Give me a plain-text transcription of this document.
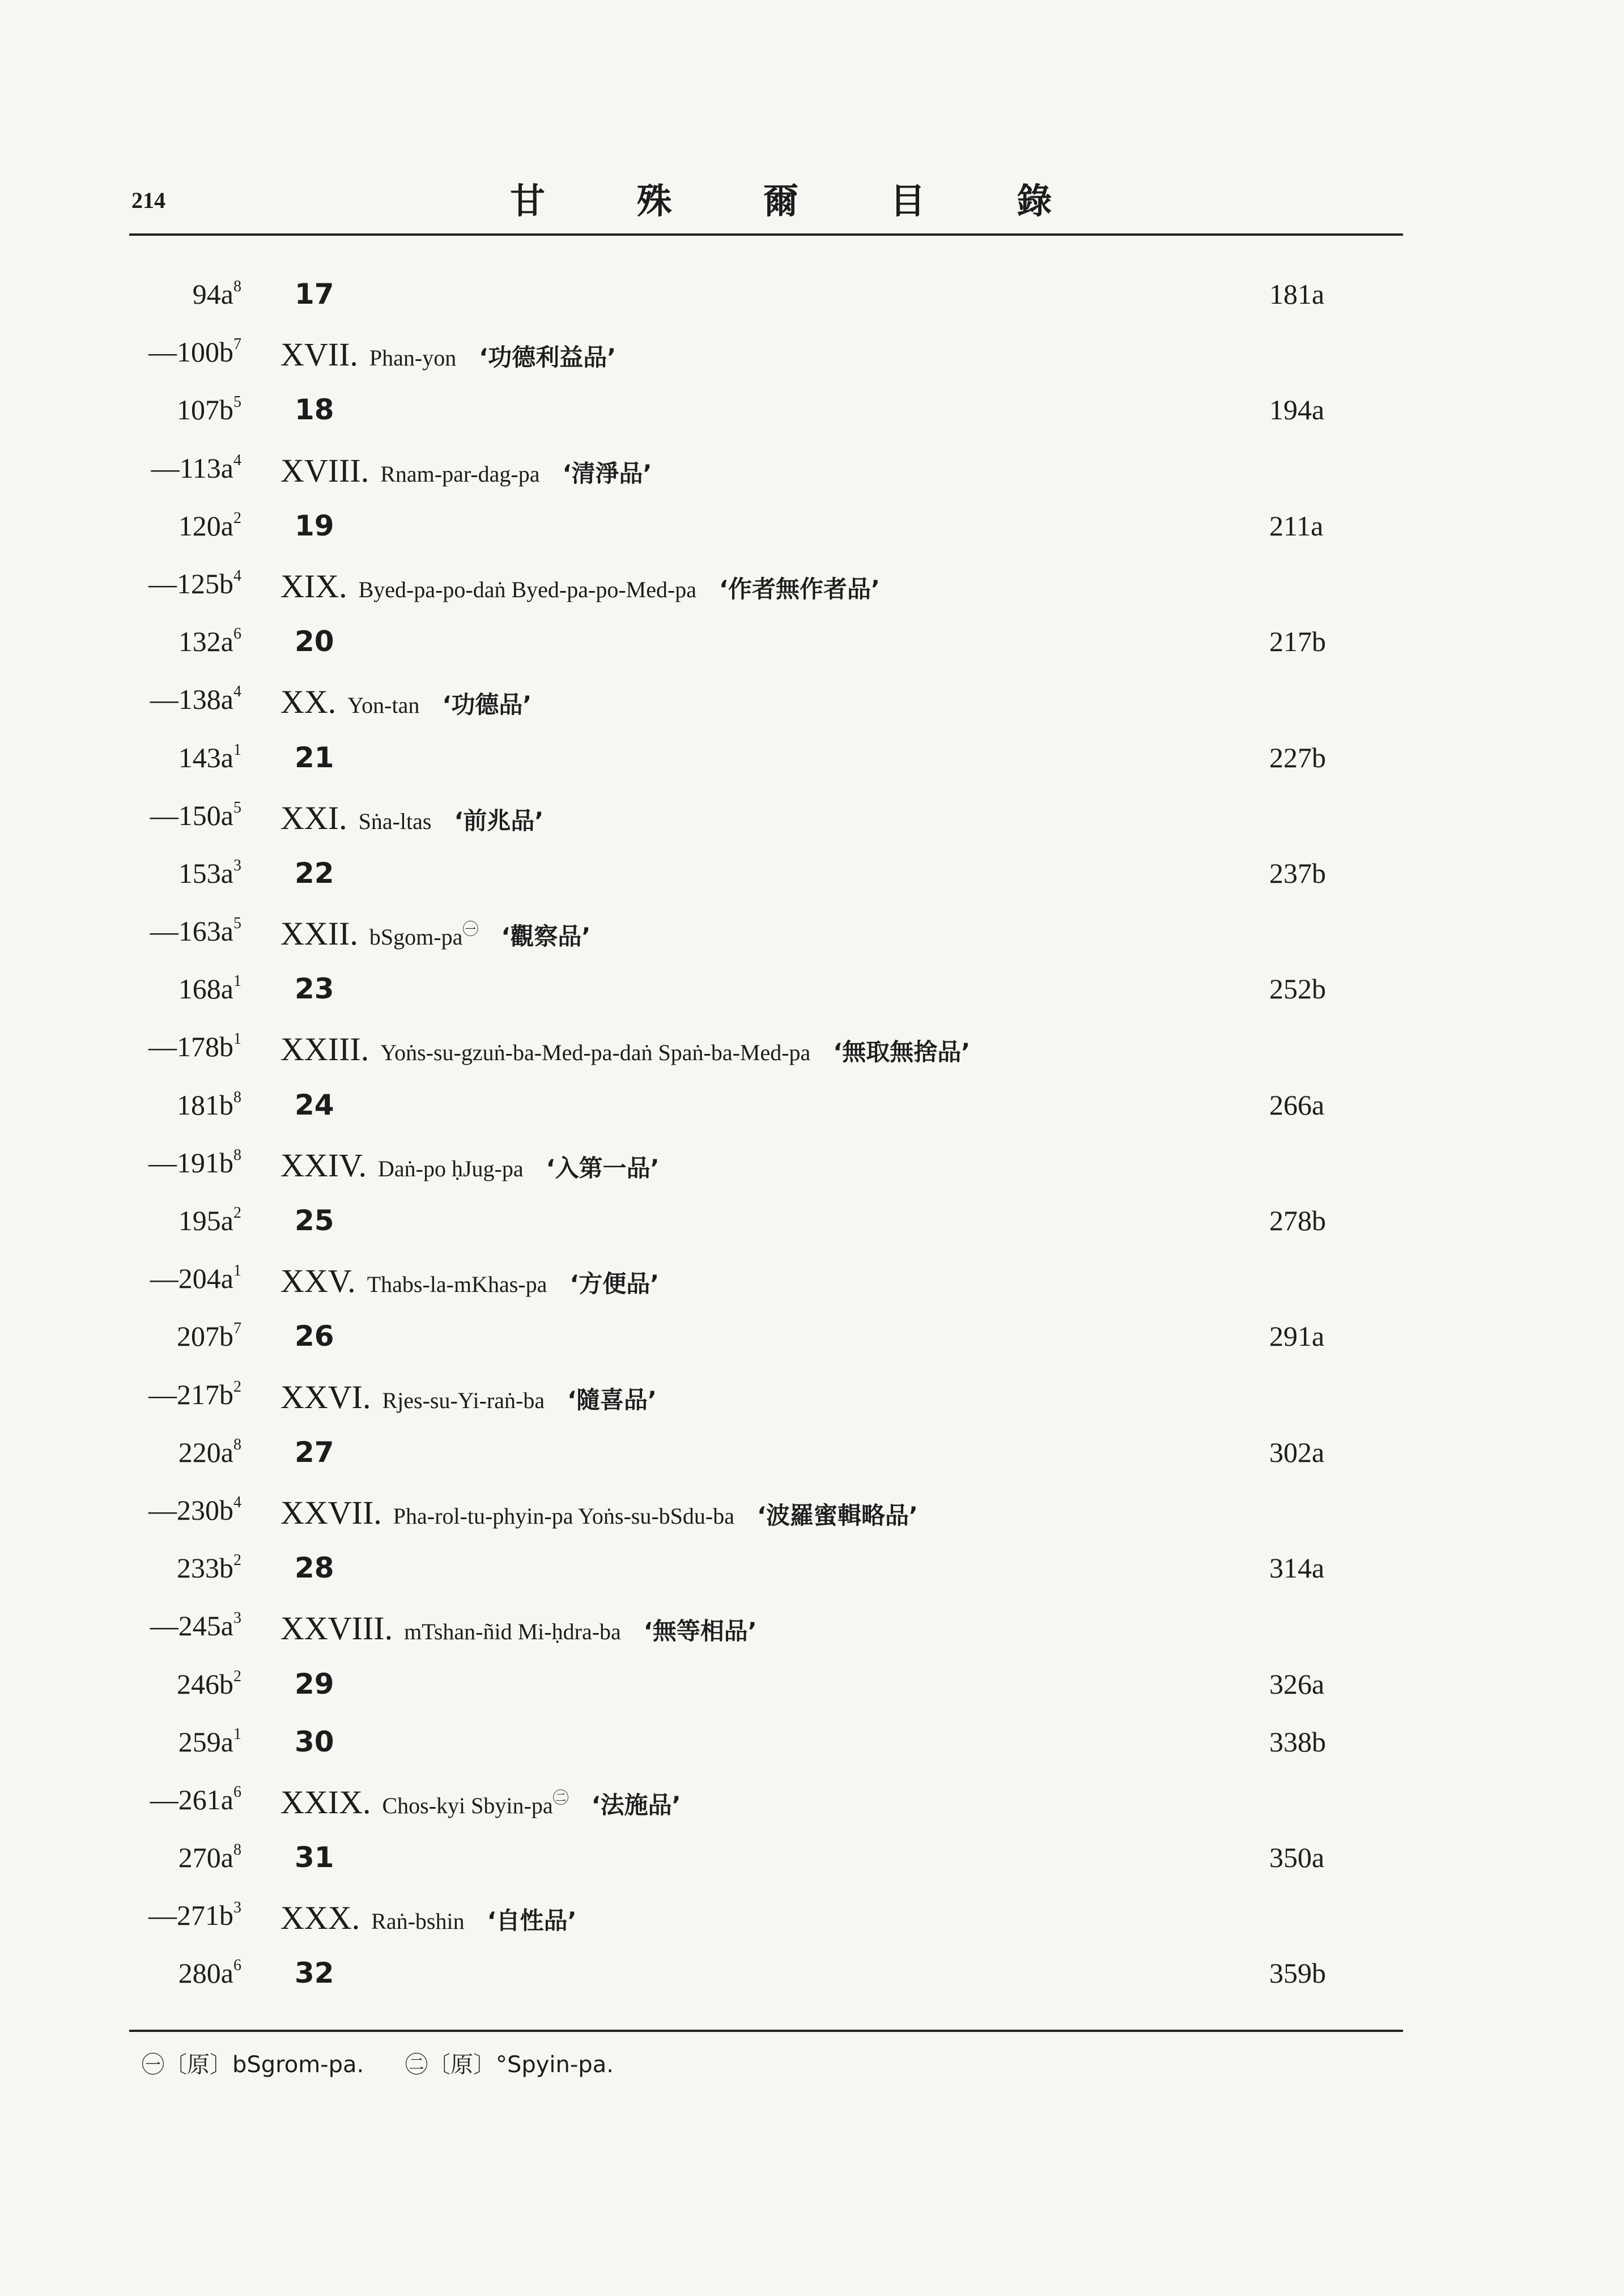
214	甘 殊 爾 目 錄
$94a^8$ 17	181a
$—100b^7$ XVII. Phan-yon ‘功德利益品’
$107b^5$ 18	194a
$—113a^4$ XVIII. Rnam-par-dag-pa ‘清淨品’
$120a^2$ 19	211a
$—125b^4$ XIX. Byed-pa-po-daṅ Byed-pa-po-Med-pa ‘作者無作者品’
$132a^6$ 20	217b
$—138a^4$ XX. Yon-tan ‘功德品’
$143a^1$ 21	227b
$—150a^5$ XXI. Sṅa-ltas ‘前兆品’
$153a^3$ 22	237b
$—163a^5$ XXII. bSgom-$pa^㊀$ ‘觀察品’
$168a^1$ 23	252b
$—178b^1$ XXIII. Yoṅs-su-gzuṅ-ba-Med-pa-daṅ Spaṅ-ba-Med-pa ‘無取無捨品’
$181b^8$ 24	266a
$—191b^8$ XXIV. Daṅ-po ḥJug-pa ‘入第一品’
$195a^2$ 25	278b
$—204a^1$ XXV. Thabs-la-mKhas-pa ‘方便品’
$207b^7$ 26	291a
$—217b^2$ XXVI. Rjes-su-Yi-raṅ-ba ‘隨喜品’
$220a^8$ 27	302a
$—230b^4$ XXVII. Pha-rol-tu-phyin-pa Yoṅs-su-bSdu-ba ‘波羅蜜輯略品’
$233b^2$ 28	314a
$—245a^3$ XXVIII. mTshan-ñid Mi-ḥdra-ba ‘無等相品’
$246b^2$ 29	326a
$259a^1$ 30	338b
$—261a^6$ XXIX. Chos-kyi Sbyin-$pa^㊁$ ‘法施品’
$270a^8$ 31	350a
$—271b^3$ XXX. Raṅ-bshin ‘自性品’
$280a^6$ 32	359b
㊀〔原〕bSgrom-pa. ㊁〔原〕°Spyin-pa.
